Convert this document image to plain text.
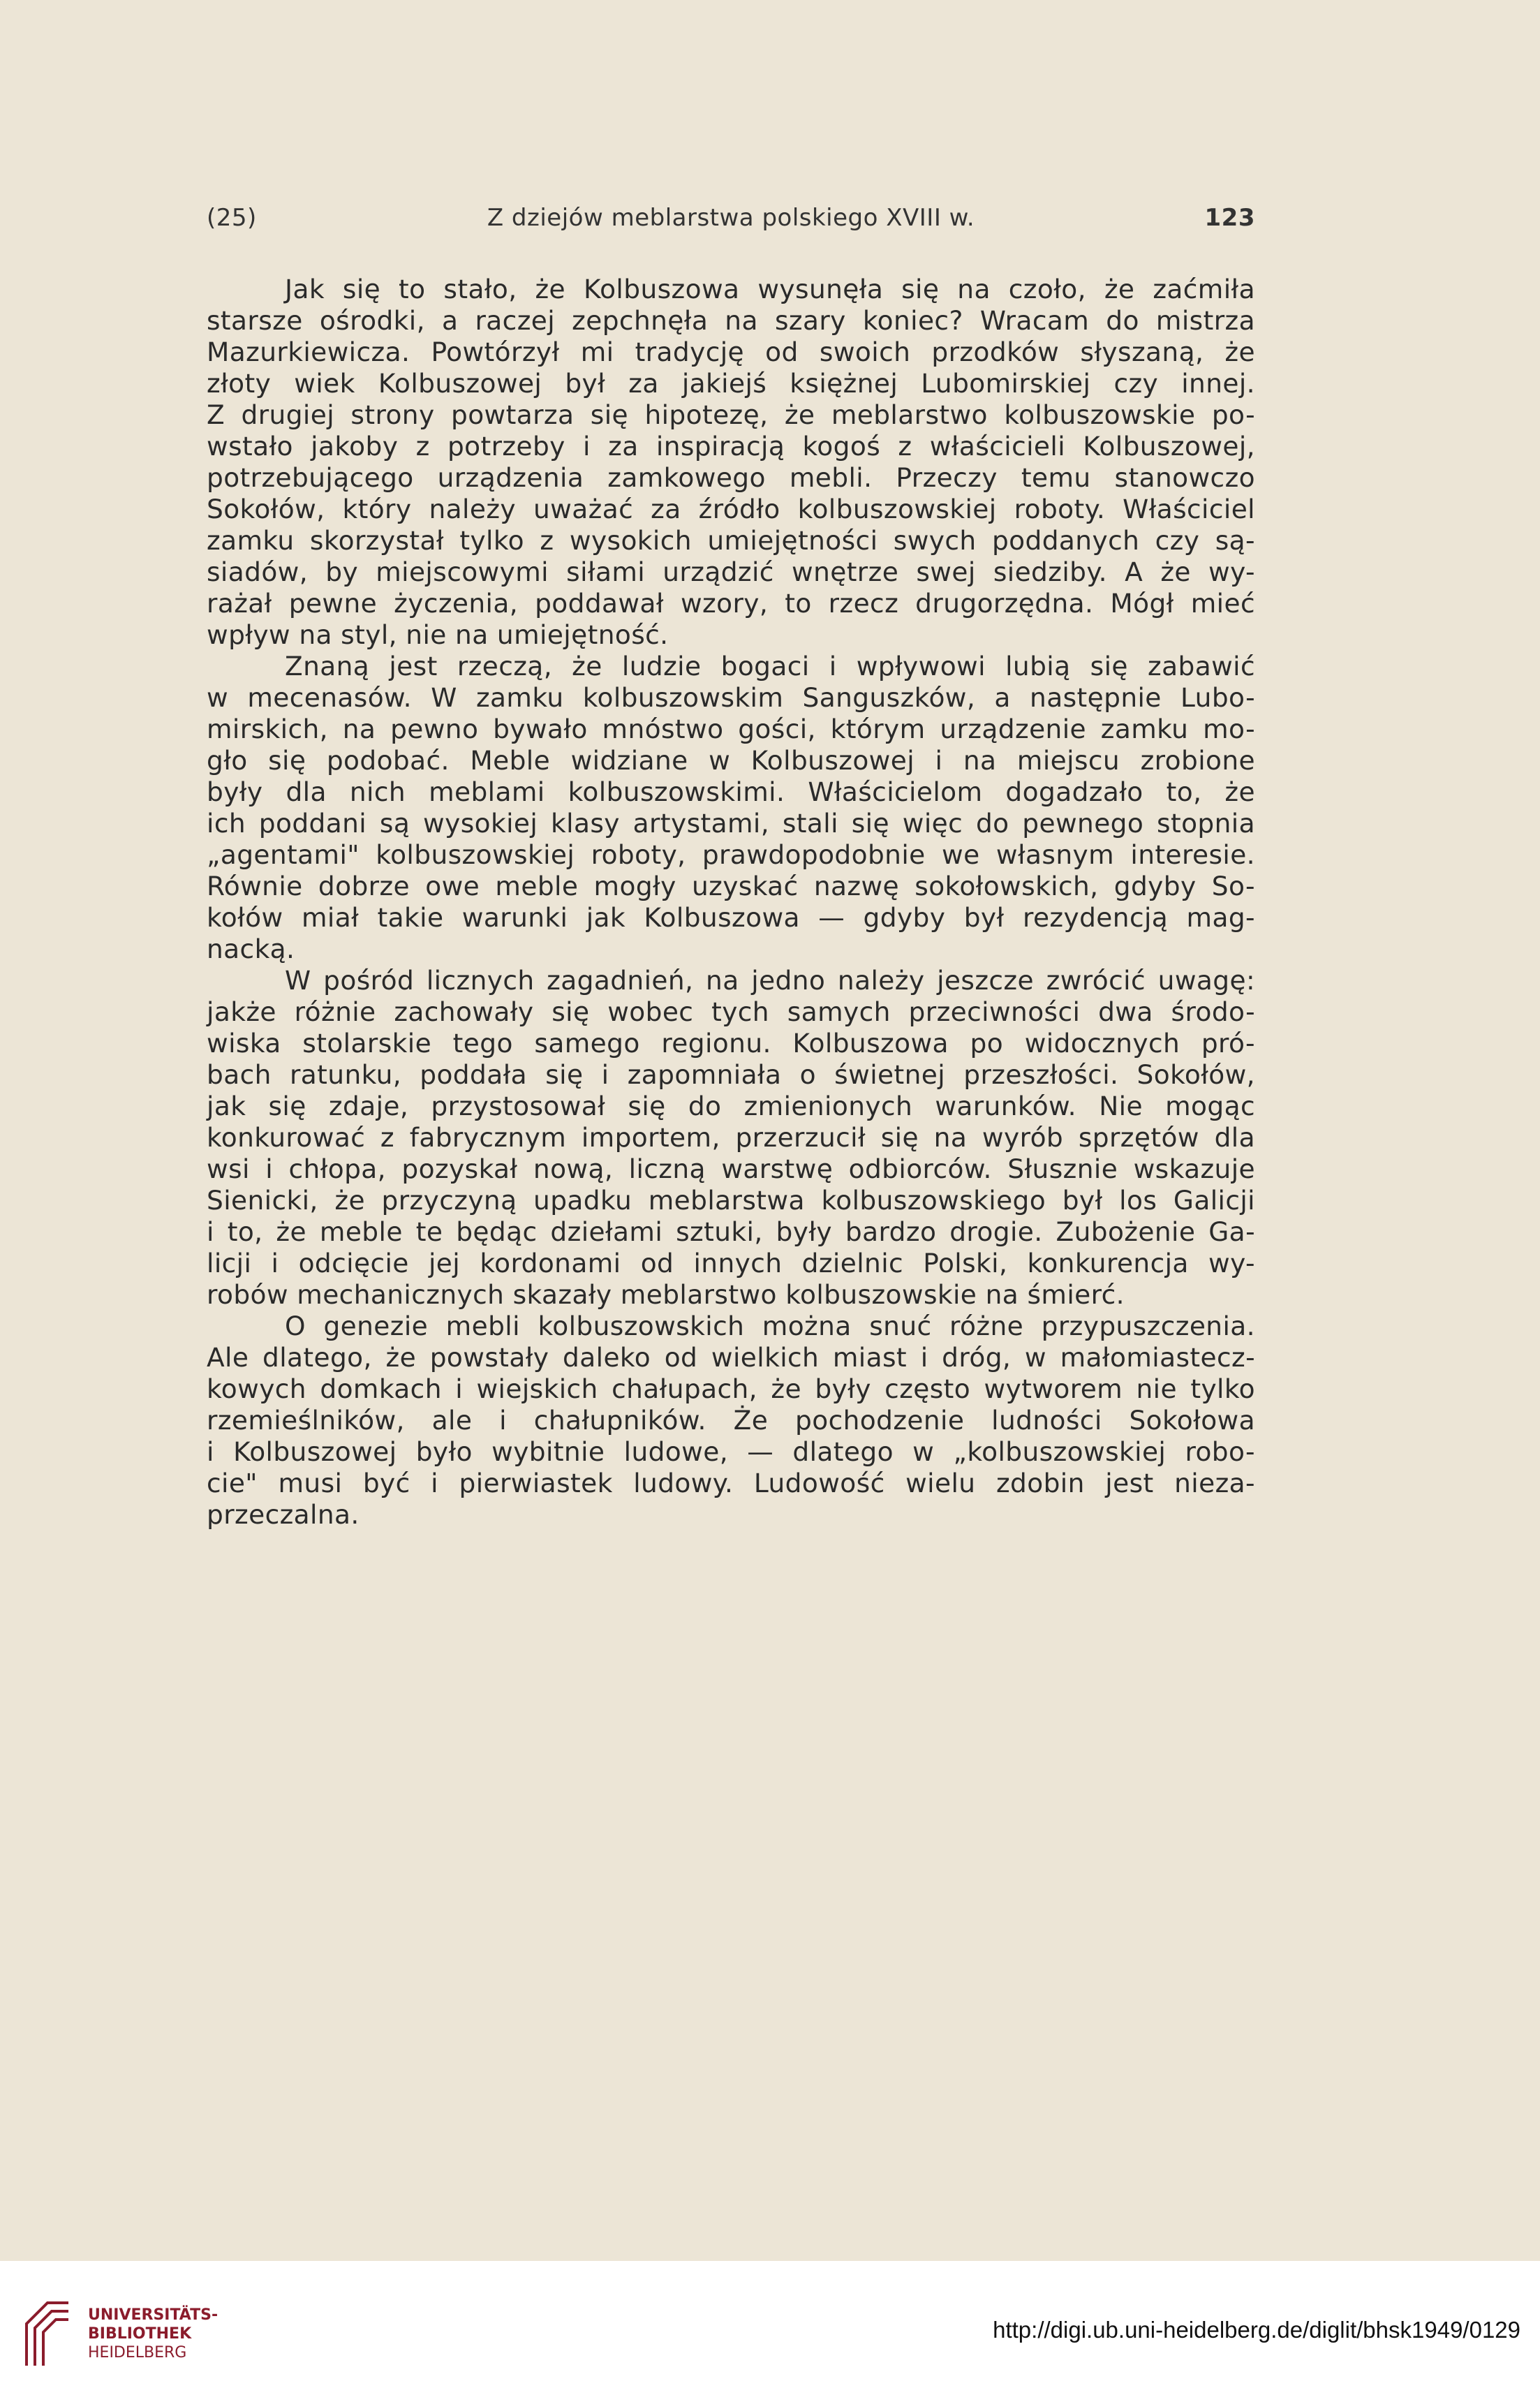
(25)	Z dziejów meblarstwa polskiego XVIII w.	123

Jak się to stało, że Kolbuszowa wysunęła się na czoło, że zaćmiła

starsze ośrodki, a raczej zepchnęła na szary koniec? Wracam do mistrza

Mazurkiewicza. Powtórzył mi tradycję od swoich przodków słyszaną, że

złoty wiek Kolbuszowej był za jakiejś księżnej Lubomirskiej czy innej.

Z drugiej strony powtarza się hipotezę, że meblarstwo kolbuszowskie po-

wstało jakoby z potrzeby i za inspiracją kogoś z właścicieli Kolbuszowej,

potrzebującego urządzenia zamkowego mebli. Przeczy temu stanowczo

Sokołów, który należy uważać za źródło kolbuszowskiej roboty. Właściciel

zamku skorzystał tylko z wysokich umiejętności swych poddanych czy są-

siadów, by miejscowymi siłami urządzić wnętrze swej siedziby. A że wy-

rażał pewne życzenia, poddawał wzory, to rzecz drugorzędna. Mógł mieć

wpływ na styl, nie na umiejętność.

Znaną jest rzeczą, że ludzie bogaci i wpływowi lubią się zabawić

w mecenasów. W zamku kolbuszowskim Sanguszków, a następnie Lubo-

mirskich, na pewno bywało mnóstwo gości, którym urządzenie zamku mo-

gło się podobać. Meble widziane w Kolbuszowej i na miejscu zrobione

były dla nich meblami kolbuszowskimi. Właścicielom dogadzało to, że

ich poddani są wysokiej klasy artystami, stali się więc do pewnego stopnia

„agentami" kolbuszowskiej roboty, prawdopodobnie we własnym interesie.

Równie dobrze owe meble mogły uzyskać nazwę sokołowskich, gdyby So-

kołów miał takie warunki jak Kolbuszowa — gdyby był rezydencją mag-

nacką.

W pośród licznych zagadnień, na jedno należy jeszcze zwrócić uwagę:

jakże różnie zachowały się wobec tych samych przeciwności dwa środo-

wiska stolarskie tego samego regionu. Kolbuszowa po widocznych pró-

bach ratunku, poddała się i zapomniała o świetnej przeszłości. Sokołów,

jak się zdaje, przystosował się do zmienionych warunków. Nie mogąc

konkurować z fabrycznym importem, przerzucił się na wyrób sprzętów dla

wsi i chłopa, pozyskał nową, liczną warstwę odbiorców. Słusznie wskazuje

Sienicki, że przyczyną upadku meblarstwa kolbuszowskiego był los Galicji

i to, że meble te będąc dziełami sztuki, były bardzo drogie. Zubożenie Ga-

licji i odcięcie jej kordonami od innych dzielnic Polski, konkurencja wy-

robów mechanicznych skazały meblarstwo kolbuszowskie na śmierć.

O genezie mebli kolbuszowskich można snuć różne przypuszczenia.

Ale dlatego, że powstały daleko od wielkich miast i dróg, w małomiastecz-

kowych domkach i wiejskich chałupach, że były często wytworem nie tylko

rzemieślników, ale i chałupników. Że pochodzenie ludności Sokołowa

i Kolbuszowej było wybitnie ludowe, — dlatego w „kolbuszowskiej robo-

cie" musi być i pierwiastek ludowy. Ludowość wielu zdobin jest nieza-

przeczalna.

UNIVERSITÄTS-
BIBLIOTHEK
HEIDELBERG
http://digi.ub.uni-heidelberg.de/diglit/bhsk1949/0129
